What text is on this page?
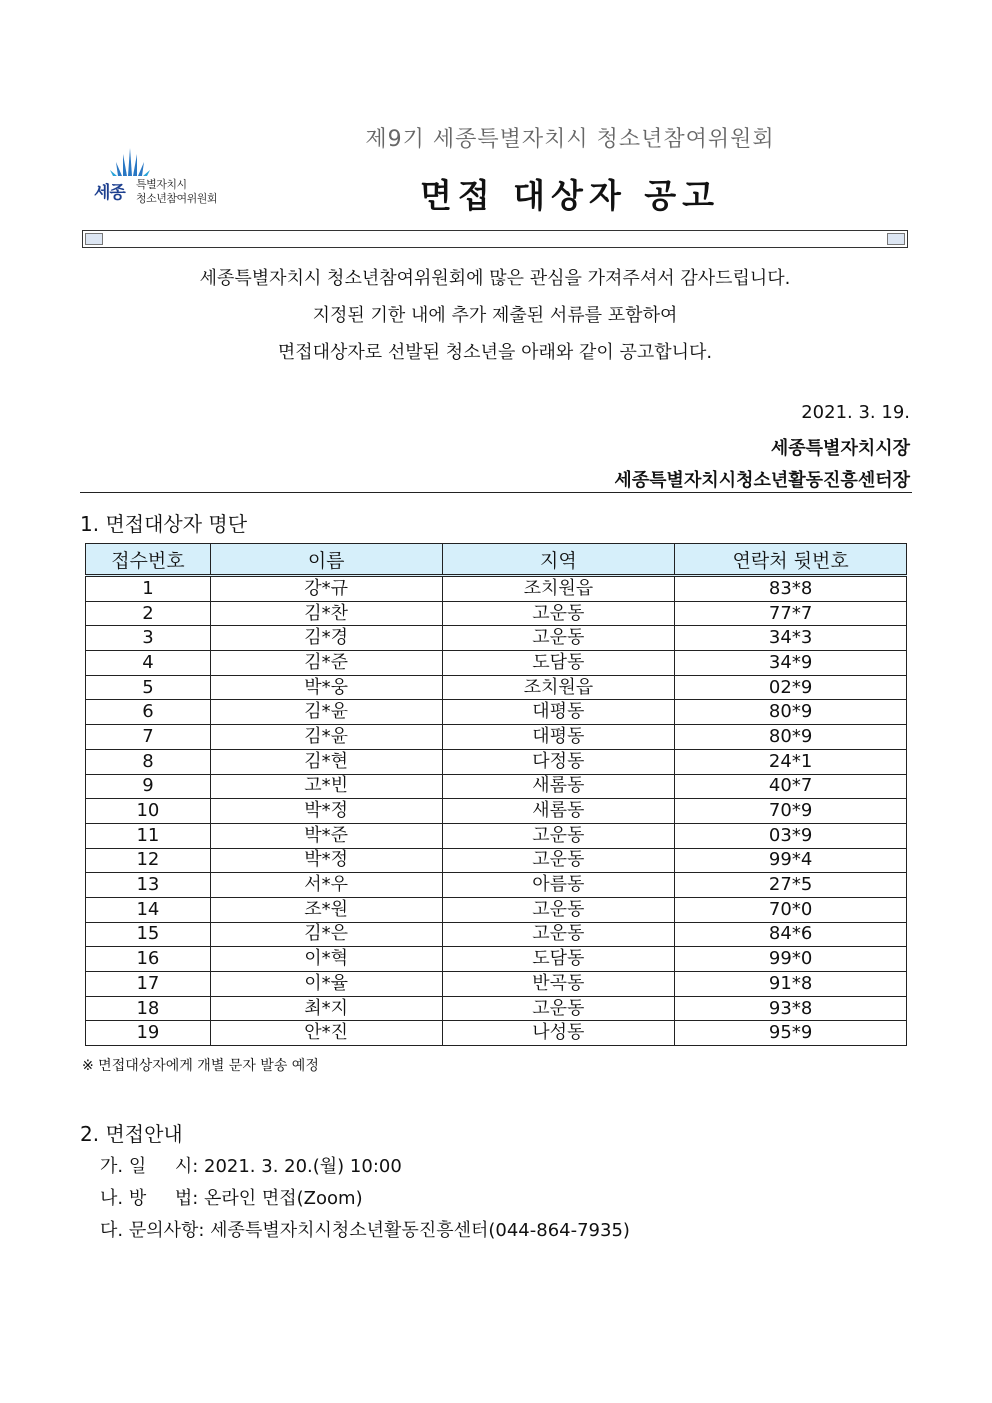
세종 특별자치시
청소년참여위원회
제9기 세종특별자치시 청소년참여위원회
면접 대상자 공고
세종특별자치시 청소년참여위원회에 많은 관심을 가져주셔서 감사드립니다.
지정된 기한 내에 추가 제출된 서류를 포함하여
면접대상자로 선발된 청소년을 아래와 같이 공고합니다.
2021. 3. 19.
세종특별자치시장
세종특별자치시청소년활동진흥센터장
1. 면접대상자 명단
접수번호	이름	지역	연락처 뒷번호
1	강*규	조치원읍	83*8
2	김*찬	고운동	77*7
3	김*경	고운동	34*3
4	김*준	도담동	34*9
5	박*웅	조치원읍	02*9
6	김*윤	대평동	80*9
7	김*윤	대평동	80*9
8	김*현	다정동	24*1
9	고*빈	새롬동	40*7
10	박*정	새롬동	70*9
11	박*준	고운동	03*9
12	박*정	고운동	99*4
13	서*우	아름동	27*5
14	조*원	고운동	70*0
15	김*은	고운동	84*6
16	이*혁	도담동	99*0
17	이*율	반곡동	91*8
18	최*지	고운동	93*8
19	안*진	나성동	95*9
※ 면접대상자에게 개별 문자 발송 예정
2. 면접안내
가. 일     시: 2021. 3. 20.(월) 10:00
나. 방     법: 온라인 면접(Zoom)
다. 문의사항: 세종특별자치시청소년활동진흥센터(044-864-7935)
